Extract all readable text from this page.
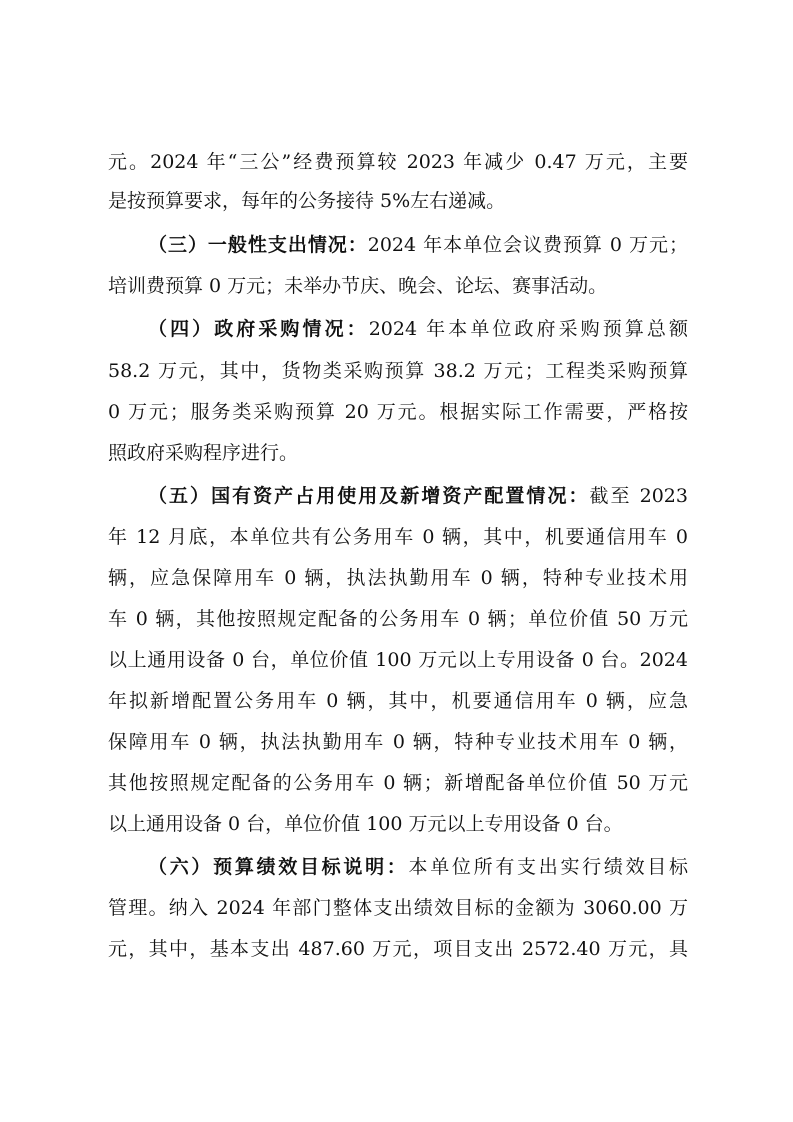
元。2024 年“三公”经费预算较 2023 年减少 0.47 万元，主要
是按预算要求，每年的公务接待 5%左右递减。
（三）一般性支出情况：2024 年本单位会议费预算 0 万元；
培训费预算 0 万元；未举办节庆、晚会、论坛、赛事活动。
（四）政府采购情况：2024 年本单位政府采购预算总额
58.2 万元，其中，货物类采购预算 38.2 万元；工程类采购预算
0 万元；服务类采购预算 20 万元。根据实际工作需要，严格按
照政府采购程序进行。
（五）国有资产占用使用及新增资产配置情况：截至 2023
年 12 月底，本单位共有公务用车 0 辆，其中，机要通信用车 0
辆，应急保障用车 0 辆，执法执勤用车 0 辆，特种专业技术用
车 0 辆，其他按照规定配备的公务用车 0 辆；单位价值 50 万元
以上通用设备 0 台，单位价值 100 万元以上专用设备 0 台。2024
年拟新增配置公务用车 0 辆，其中，机要通信用车 0 辆，应急
保障用车 0 辆，执法执勤用车 0 辆，特种专业技术用车 0 辆，
其他按照规定配备的公务用车 0 辆；新增配备单位价值 50 万元
以上通用设备 0 台，单位价值 100 万元以上专用设备 0 台。
（六）预算绩效目标说明：本单位所有支出实行绩效目标
管理。纳入 2024 年部门整体支出绩效目标的金额为 3060.00 万
元，其中，基本支出 487.60 万元，项目支出 2572.40 万元，具
